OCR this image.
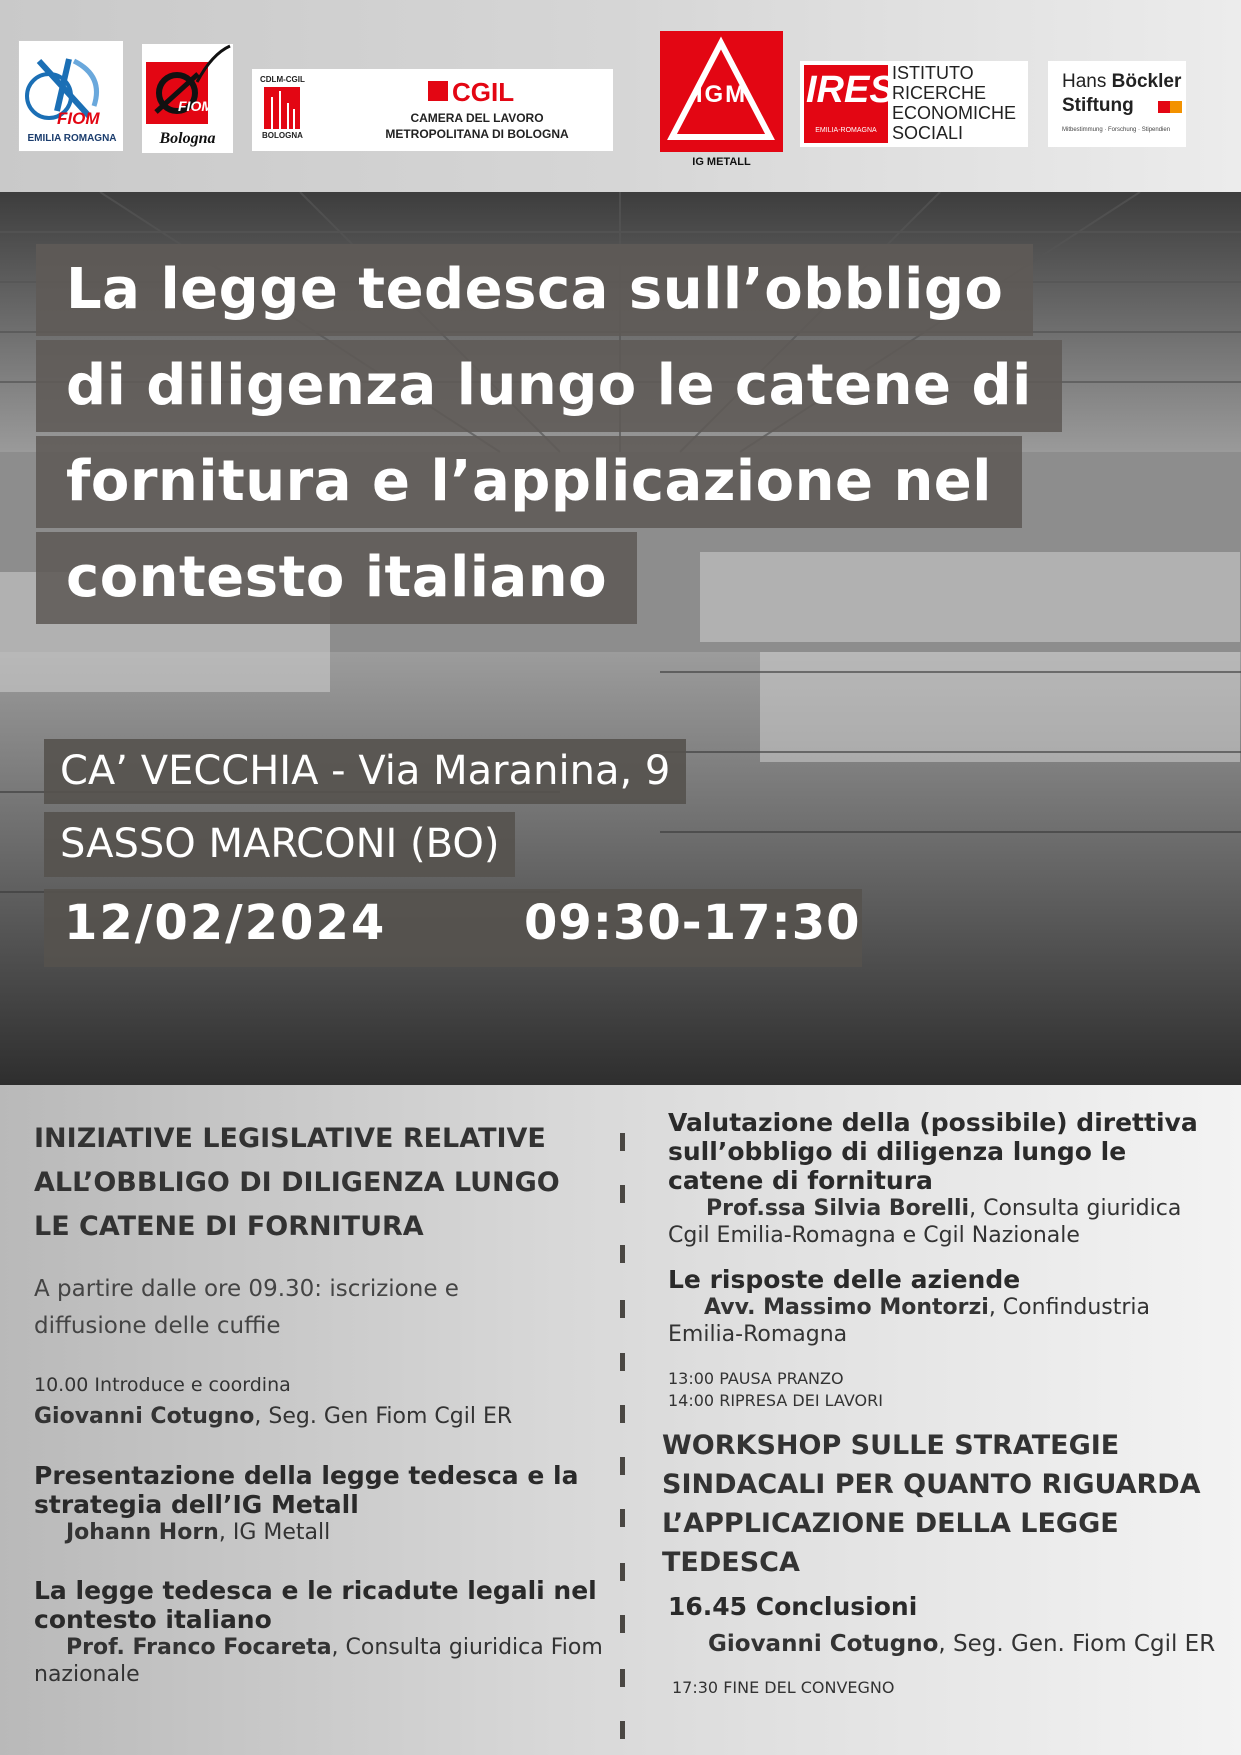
FIOM
EMILIA ROMAGNA
FIOM
Bologna
CDLM-CGIL
BOLOGNA
CGIL
CAMERA DEL LAVORO
METROPOLITANA DI BOLOGNA
IGM
IG METALL
IRES
EMILIA-ROMAGNA
ISTITUTO
RICERCHE
ECONOMICHE
SOCIALI
Hans Böckler
Stiftung
Mitbestimmung · Forschung · Stipendien
La legge tedesca sull’obbligo
di diligenza lungo le catene di
fornitura e l’applicazione nel
contesto italiano
CA’ VECCHIA - Via Maranina, 9
SASSO MARCONI (BO)
12/02/2024	09:30-17:30
INIZIATIVE LEGISLATIVE RELATIVE
ALL’OBBLIGO DI DILIGENZA LUNGO
LE CATENE DI FORNITURA
A partire dalle ore 09.30: iscrizione e
diffusione delle cuffie
10.00 Introduce e coordina
Giovanni Cotugno, Seg. Gen Fiom Cgil ER
Presentazione della legge tedesca e la
strategia dell’IG Metall
Johann Horn, IG Metall
La legge tedesca e le ricadute legali nel
contesto italiano
Prof. Franco Focareta, Consulta giuridica Fiom
nazionale
Valutazione della (possibile) direttiva
sull’obbligo di diligenza lungo le
catene di fornitura
Prof.ssa Silvia Borelli, Consulta giuridica
Cgil Emilia-Romagna e Cgil Nazionale
Le risposte delle aziende
Avv. Massimo Montorzi, Confindustria
Emilia-Romagna
13:00 PAUSA PRANZO
14:00 RIPRESA DEI LAVORI
WORKSHOP SULLE STRATEGIE
SINDACALI PER QUANTO RIGUARDA
L’APPLICAZIONE DELLA LEGGE
TEDESCA
16.45 Conclusioni
Giovanni Cotugno, Seg. Gen. Fiom Cgil ER
17:30 FINE DEL CONVEGNO
